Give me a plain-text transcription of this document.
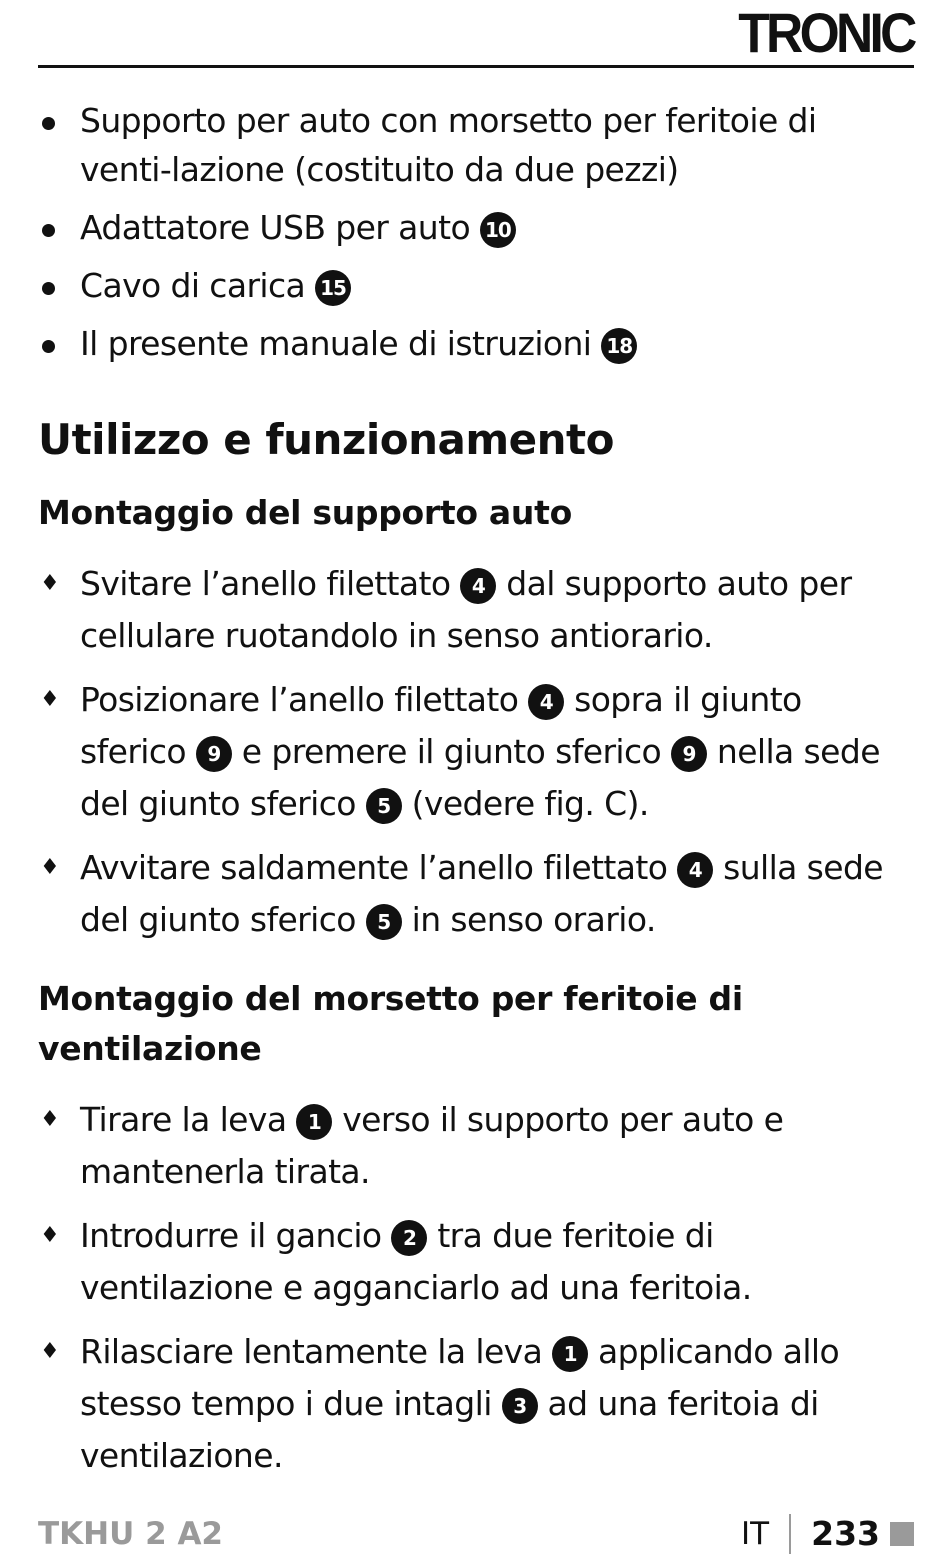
TRONIC
Supporto per auto con morsetto per feritoie di venti-lazione (costituito da due pezzi)
Adattatore USB per auto 10
Cavo di carica 15
Il presente manuale di istruzioni 18
Utilizzo e funzionamento
Montaggio del supporto auto
♦ Svitare l’anello filettato 4 dal supporto auto per cellulare ruotandolo in senso antiorario.
♦ Posizionare l’anello filettato 4 sopra il giunto sferico 9 e premere il giunto sferico 9 nella sede del giunto sferico 5 (vedere fig. C).
♦ Avvitare saldamente l’anello filettato 4 sulla sede del giunto sferico 5 in senso orario.
Montaggio del morsetto per feritoie di ventilazione
♦ Tirare la leva 1 verso il supporto per auto e mantenerla tirata.
♦ Introdurre il gancio 2 tra due feritoie di ventilazione e agganciarlo ad una feritoia.
♦ Rilasciare lentamente la leva 1 applicando allo stesso tempo i due intagli 3 ad una feritoia di ventilazione.
TKHU 2 A2	IT 233
